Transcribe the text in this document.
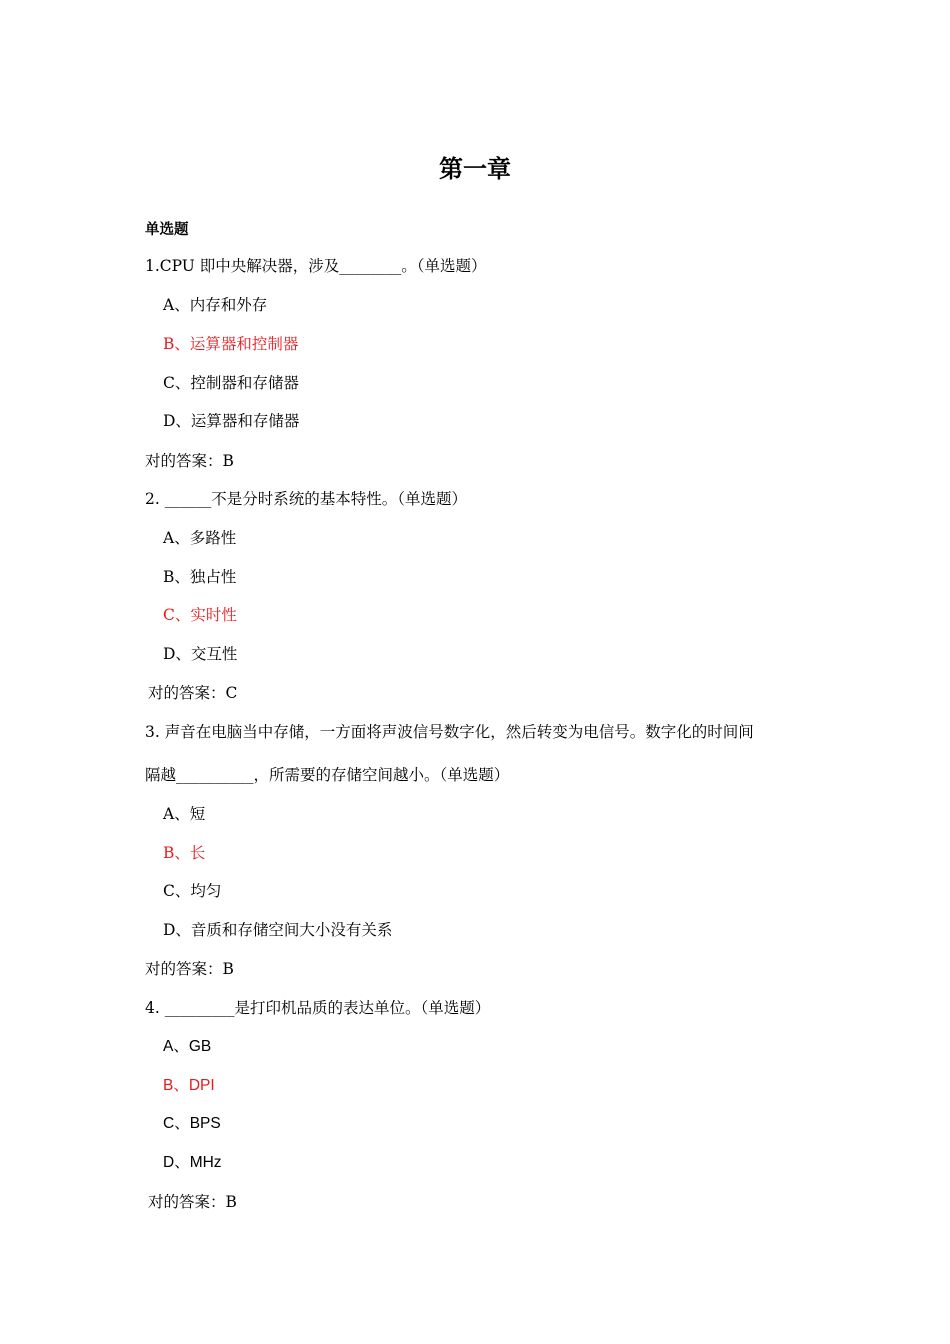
第一章
单选题
1.CPU 即中央解决器，涉及________。（单选题）
A、内存和外存
B、运算器和控制器
C、控制器和存储器
D、运算器和存储器
对的答案：B
2. ______不是分时系统的基本特性。（单选题）
A、多路性
B、独占性
C、实时性
D、交互性
对的答案：C
3. 声音在电脑当中存储，一方面将声波信号数字化，然后转变为电信号。数字化的时间间
隔越__________，所需要的存储空间越小。（单选题）
A、短
B、长
C、均匀
D、音质和存储空间大小没有关系
对的答案：B
4. _________是打印机品质的表达单位。（单选题）
A、GB
B、DPI
C、BPS
D、MHz
对的答案：B
